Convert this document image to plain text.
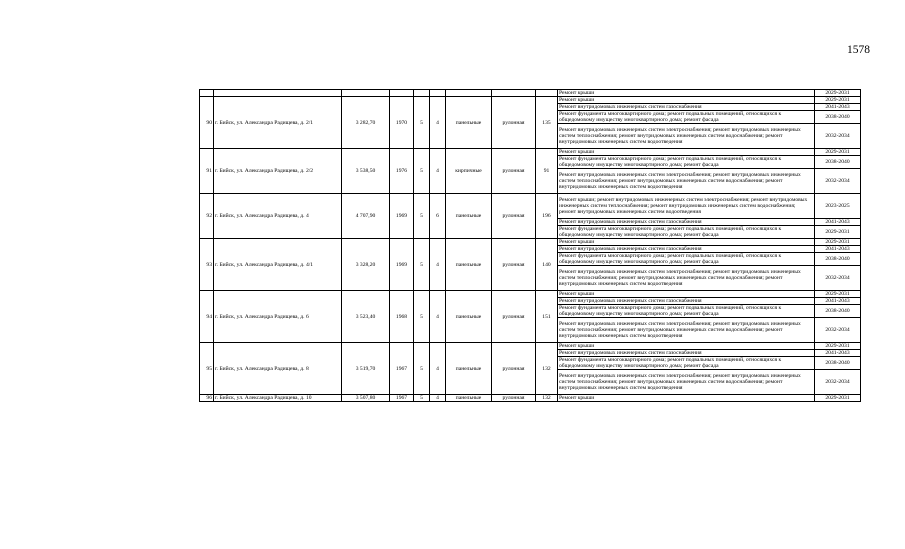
1578
									Ремонт крыши	2029-2031
90	г. Бийск, ул. Александра Радищева, д. 2/1	3 282,70	1970	5	4	панельные	рулонная	135	Ремонт крыши	2029-2031
									Ремонт внутридомовых инженерных систем газоснабжения	2041-2043
									Ремонт фундамента многоквартирного дома; ремонт подвальных помещений, относящихся к общедомовому имуществу многоквартирного дома; ремонт фасада	2038-2040
									Ремонт внутридомовых инженерных систем электроснабжения; ремонт внутридомовых инженерных систем теплоснабжения; ремонт внутридомовых инженерных систем водоснабжения; ремонт внутридомовых инженерных систем водоотведения	2032-2034
91	г. Бийск, ул. Александра Радищева, д. 2/2	3 538,50	1976	5	4	кирпичные	рулонная	91	Ремонт крыши	2029-2031
									Ремонт фундамента многоквартирного дома; ремонт подвальных помещений, относящихся к общедомовому имуществу многоквартирного дома; ремонт фасада	2038-2040
									Ремонт внутридомовых инженерных систем электроснабжения; ремонт внутридомовых инженерных систем теплоснабжения; ремонт внутридомовых инженерных систем водоснабжения; ремонт внутридомовых инженерных систем водоотведения	2032-2034
92	г. Бийск, ул. Александра Радищева, д. 4	4 707,90	1969	5	6	панельные	рулонная	196	Ремонт крыши; ремонт внутридомовых инженерных систем электроснабжения; ремонт внутридомовых инженерных систем теплоснабжения; ремонт внутридомовых инженерных систем водоснабжения; ремонт внутридомовых инженерных систем водоотведения	2023-2025
									Ремонт внутридомовых инженерных систем газоснабжения	2041-2043
									Ремонт фундамента многоквартирного дома; ремонт подвальных помещений, относящихся к общедомовому имуществу многоквартирного дома; ремонт фасада	2029-2031
93	г. Бийск, ул. Александра Радищева, д. 4/1	3 328,20	1969	5	4	панельные	рулонная	140	Ремонт крыши	2029-2031
									Ремонт внутридомовых инженерных систем газоснабжения	2041-2043
									Ремонт фундамента многоквартирного дома; ремонт подвальных помещений, относящихся к общедомовому имуществу многоквартирного дома; ремонт фасада	2038-2040
									Ремонт внутридомовых инженерных систем электроснабжения; ремонт внутридомовых инженерных систем теплоснабжения; ремонт внутридомовых инженерных систем водоснабжения; ремонт внутридомовых инженерных систем водоотведения	2032-2034
94	г. Бийск, ул. Александра Радищева, д. 6	3 523,40	1968	5	4	панельные	рулонная	151	Ремонт крыши	2029-2031
									Ремонт внутридомовых инженерных систем газоснабжения	2041-2043
									Ремонт фундамента многоквартирного дома; ремонт подвальных помещений, относящихся к общедомовому имуществу многоквартирного дома; ремонт фасада	2038-2040
									Ремонт внутридомовых инженерных систем электроснабжения; ремонт внутридомовых инженерных систем теплоснабжения; ремонт внутридомовых инженерных систем водоснабжения; ремонт внутридомовых инженерных систем водоотведения	2032-2034
95	г. Бийск, ул. Александра Радищева, д. 8	3 519,70	1967	5	4	панельные	рулонная	132	Ремонт крыши	2029-2031
									Ремонт внутридомовых инженерных систем газоснабжения	2041-2043
									Ремонт фундамента многоквартирного дома; ремонт подвальных помещений, относящихся к общедомовому имуществу многоквартирного дома; ремонт фасада	2038-2040
									Ремонт внутридомовых инженерных систем электроснабжения; ремонт внутридомовых инженерных систем теплоснабжения; ремонт внутридомовых инженерных систем водоснабжения; ремонт внутридомовых инженерных систем водоотведения	2032-2034
96	г. Бийск, ул. Александра Радищева, д. 10	3 507,80	1967	5	4	панельные	рулонная	132	Ремонт крыши	2029-2031
